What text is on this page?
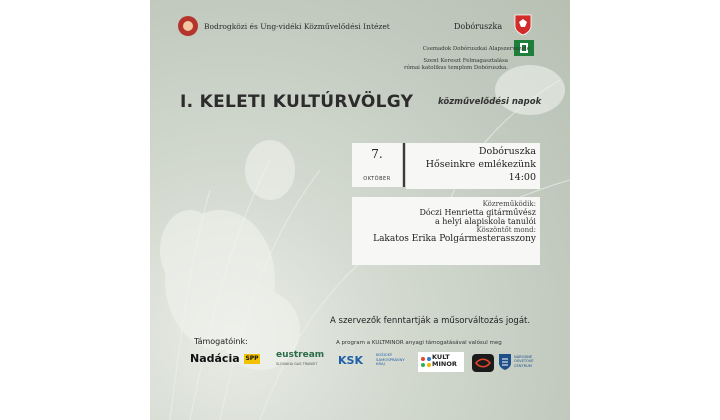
Bodrogközi és Ung-vidéki Közművelődési Intézet	Dobóruszka
Csemadok Dobóruszkai Alapszervezete
Szent Kereszt Felmagasztalása
római katolikus templom Dobóruszka.
I. KELETI KULTÚRVÖLGY	közművelődési napok
7.
OKTÓBER
Dobóruszka
Hőseinkre emlékezünk
14:00
Közreműködik:
Dóczi Henrietta gitárművész
a helyi alapiskola tanulói
Köszöntőt mond:
Lakatos Erika Polgármesterasszony
A szervezők fenntartják a műsorváltozás jogát.
Támogatóink:	A program a KULTMINOR anyagi támogatásával valósul meg
Nadácia SPP eustream
SLOVAKIA GAS TRANSIT KSK	KOŠICKÝ
SAMOSPRÁVNY
KRAJ
KULT
MINOR
NÁRODNÉ
OSVETOVÉ
CENTRUM
